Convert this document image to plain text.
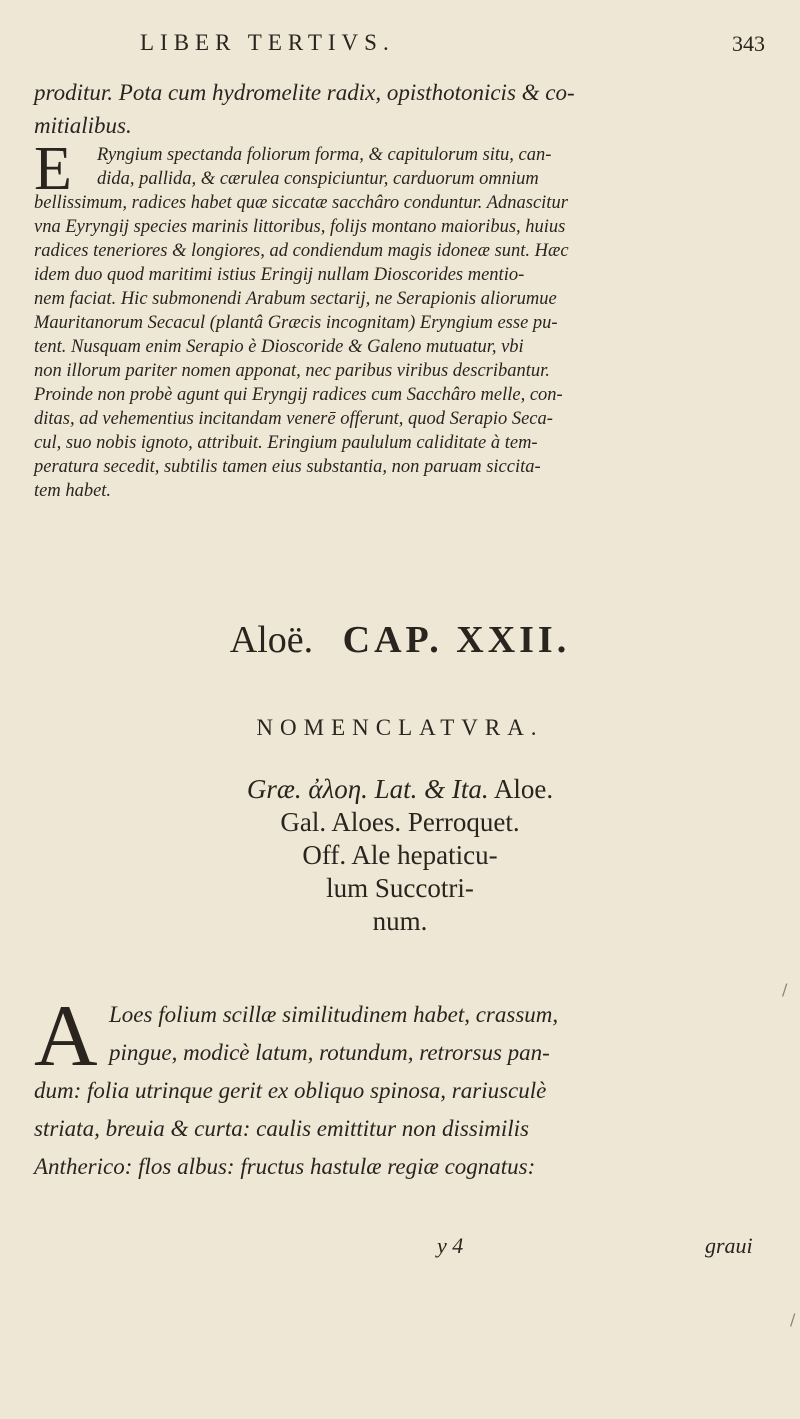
LIBER TERTIVS.	343
proditur. Pota cum hydromelite radix, opisthotonicis & co-
mitialibus.
E	Ryngium spectanda foliorum forma, & capitulorum situ, can-
dida, pallida, & cærulea conspiciuntur, carduorum omnium
bellissimum, radices habet quæ siccatæ sacchâro conduntur. Adnascitur
vna Eyryngij species marinis littoribus, folijs montano maioribus, huius
radices teneriores & longiores, ad condiendum magis idoneæ sunt. Hæc
idem duo quod maritimi istius Eringij nullam Dioscorides mentio-
nem faciat. Hic submonendi Arabum sectarij, ne Serapionis aliorumue
Mauritanorum Secacul (plantâ Græcis incognitam) Eryngium esse pu-
tent. Nusquam enim Serapio è Dioscoride & Galeno mutuatur, vbi
non illorum pariter nomen apponat, nec paribus viribus describantur.
Proinde non probè agunt qui Eryngij radices cum Sacchâro melle, con-
ditas, ad vehementius incitandam venerē offerunt, quod Serapio Seca-
cul, suo nobis ignoto, attribuit. Eringium paululum caliditate à tem-
peratura secedit, subtilis tamen eius substantia, non paruam siccita-
tem habet.
Aloë. CAP. XXII.
NOMENCLATVRA.
Græ. ἀλοη. Lat. & Ita. Aloe.
Gal. Aloes. Perroquet.
Off. Ale hepaticu-
lum Succotri-
num.
A Loes folium scillæ similitudinem habet, crassum,
pingue, modicè latum, rotundum, retrorsus pan-
dum: folia utrinque gerit ex obliquo spinosa, rariusculè
striata, breuia & curta: caulis emittitur non dissimilis
Antherico: flos albus: fructus hastulæ regiæ cognatus:
y 4	graui
/
/
